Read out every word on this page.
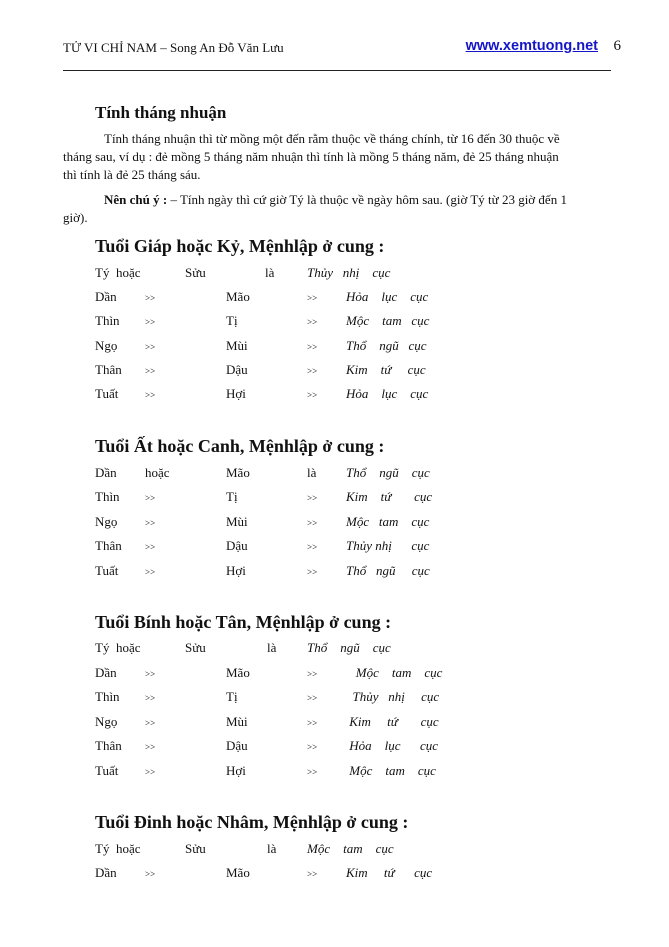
TỬ VI CHỈ NAM – Song An Đỗ Văn Lưu	www.xemtuong.net 6
Tính tháng nhuận
Tính tháng nhuận thì từ mồng một đến rằm thuộc về tháng chính, từ 16 đến 30 thuộc về
tháng sau, ví dụ : đẻ mồng 5 tháng năm nhuận thì tính là mồng 5 tháng năm, đẻ 25 tháng nhuận
thì tính là đẻ 25 tháng sáu.
Nên chú ý : – Tính ngày thì cứ giờ Tý là thuộc về ngày hôm sau. (giờ Tý từ 23 giờ đến 1
giờ).
Tuổi Giáp hoặc Kỷ, Mệnhlập ở cung :
Tý  hoặc	Sửu	là	Thủy   nhị    cục
Dần	>>	Mão	>> Hỏa    lục    cục
Thìn	>>	Tị	>> Mộc    tam   cục
Ngọ	>>	Mùi	>> Thổ    ngũ   cục
Thân	>>	Dậu	>> Kim    tứ     cục
Tuất	>>	Hợi	>> Hỏa    lục    cục
Tuổi Ất hoặc Canh, Mệnhlập ở cung :
Dần hoặc	Mão	là Thổ    ngũ    cục
Thìn	>>	Tị	>> Kim    tứ       cục
Ngọ	>>	Mùi	>> Mộc   tam    cục
Thân	>>	Dậu	>> Thủy nhị      cục
Tuất	>>	Hợi	>> Thổ   ngũ     cục
Tuổi Bính hoặc Tân, Mệnhlập ở cung :
Tý  hoặc	Sửu	là Thổ    ngũ    cục
Dần	>>	Mão	>> Mộc    tam    cục
Thìn	>>	Tị	>> Thủy   nhị     cục
Ngọ	>>	Mùi	>> Kim     tứ       cục
Thân	>>	Dậu	>> Hỏa    lục      cục
Tuất	>>	Hợi	>> Mộc    tam    cục
Tuổi Đinh hoặc Nhâm, Mệnhlập ở cung :
Tý  hoặc	Sửu	là Mộc    tam    cục
Dần	>>	Mão	>> Kim     tứ      cục
